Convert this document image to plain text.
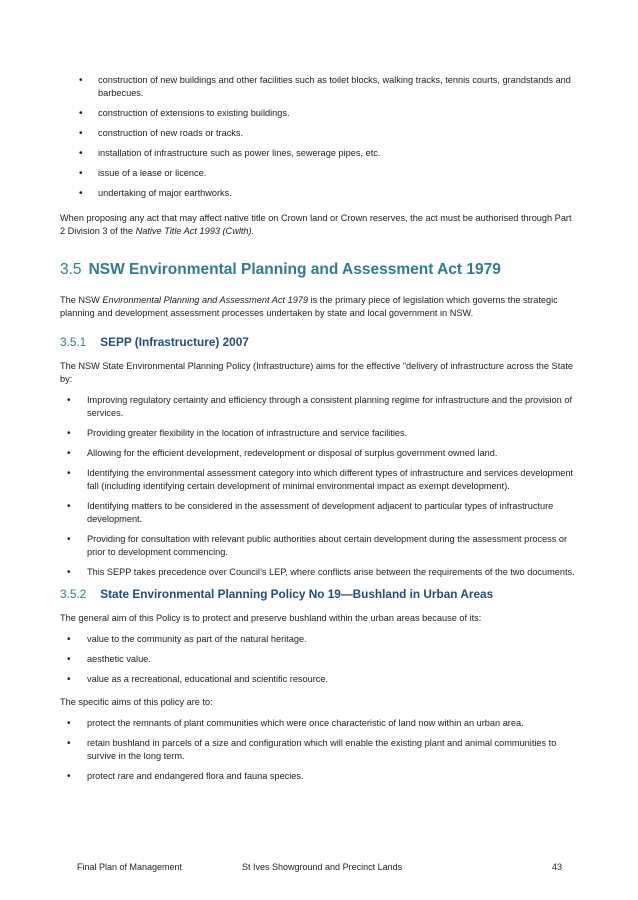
• construction of new buildings and other facilities such as toilet blocks, walking tracks, tennis courts, grandstands and barbecues.
• construction of extensions to existing buildings.
• construction of new roads or tracks.
• installation of infrastructure such as power lines, sewerage pipes, etc.
• issue of a lease or licence.
• undertaking of major earthworks.

When proposing any act that may affect native title on Crown land or Crown reserves, the act must be authorised through Part 2 Division 3 of the Native Title Act 1993 (Cwlth).

3.5 NSW Environmental Planning and Assessment Act 1979

The NSW Environmental Planning and Assessment Act 1979 is the primary piece of legislation which governs the strategic planning and development assessment processes undertaken by state and local government in NSW.

3.5.1 SEPP (Infrastructure) 2007

The NSW State Environmental Planning Policy (Infrastructure) aims for the effective “delivery of infrastructure across the State by:

• Improving regulatory certainty and efficiency through a consistent planning regime for infrastructure and the provision of services.
• Providing greater flexibility in the location of infrastructure and service facilities.
• Allowing for the efficient development, redevelopment or disposal of surplus government owned land.
• Identifying the environmental assessment category into which different types of infrastructure and services development fall (including identifying certain development of minimal environmental impact as exempt development).
• Identifying matters to be considered in the assessment of development adjacent to particular types of infrastructure development.
• Providing for consultation with relevant public authorities about certain development during the assessment process or prior to development commencing.
• This SEPP takes precedence over Council’s LEP, where conflicts arise between the requirements of the two documents.
3.5.2 State Environmental Planning Policy No 19—Bushland in Urban Areas

The general aim of this Policy is to protect and preserve bushland within the urban areas because of its:

• value to the community as part of the natural heritage.
• aesthetic value.
• value as a recreational, educational and scientific resource.

The specific aims of this policy are to:

• protect the remnants of plant communities which were once characteristic of land now within an urban area.
• retain bushland in parcels of a size and configuration which will enable the existing plant and animal communities to survive in the long term.
• protect rare and endangered flora and fauna species.
Final Plan of Management	St Ives Showground and Precinct Lands	43
